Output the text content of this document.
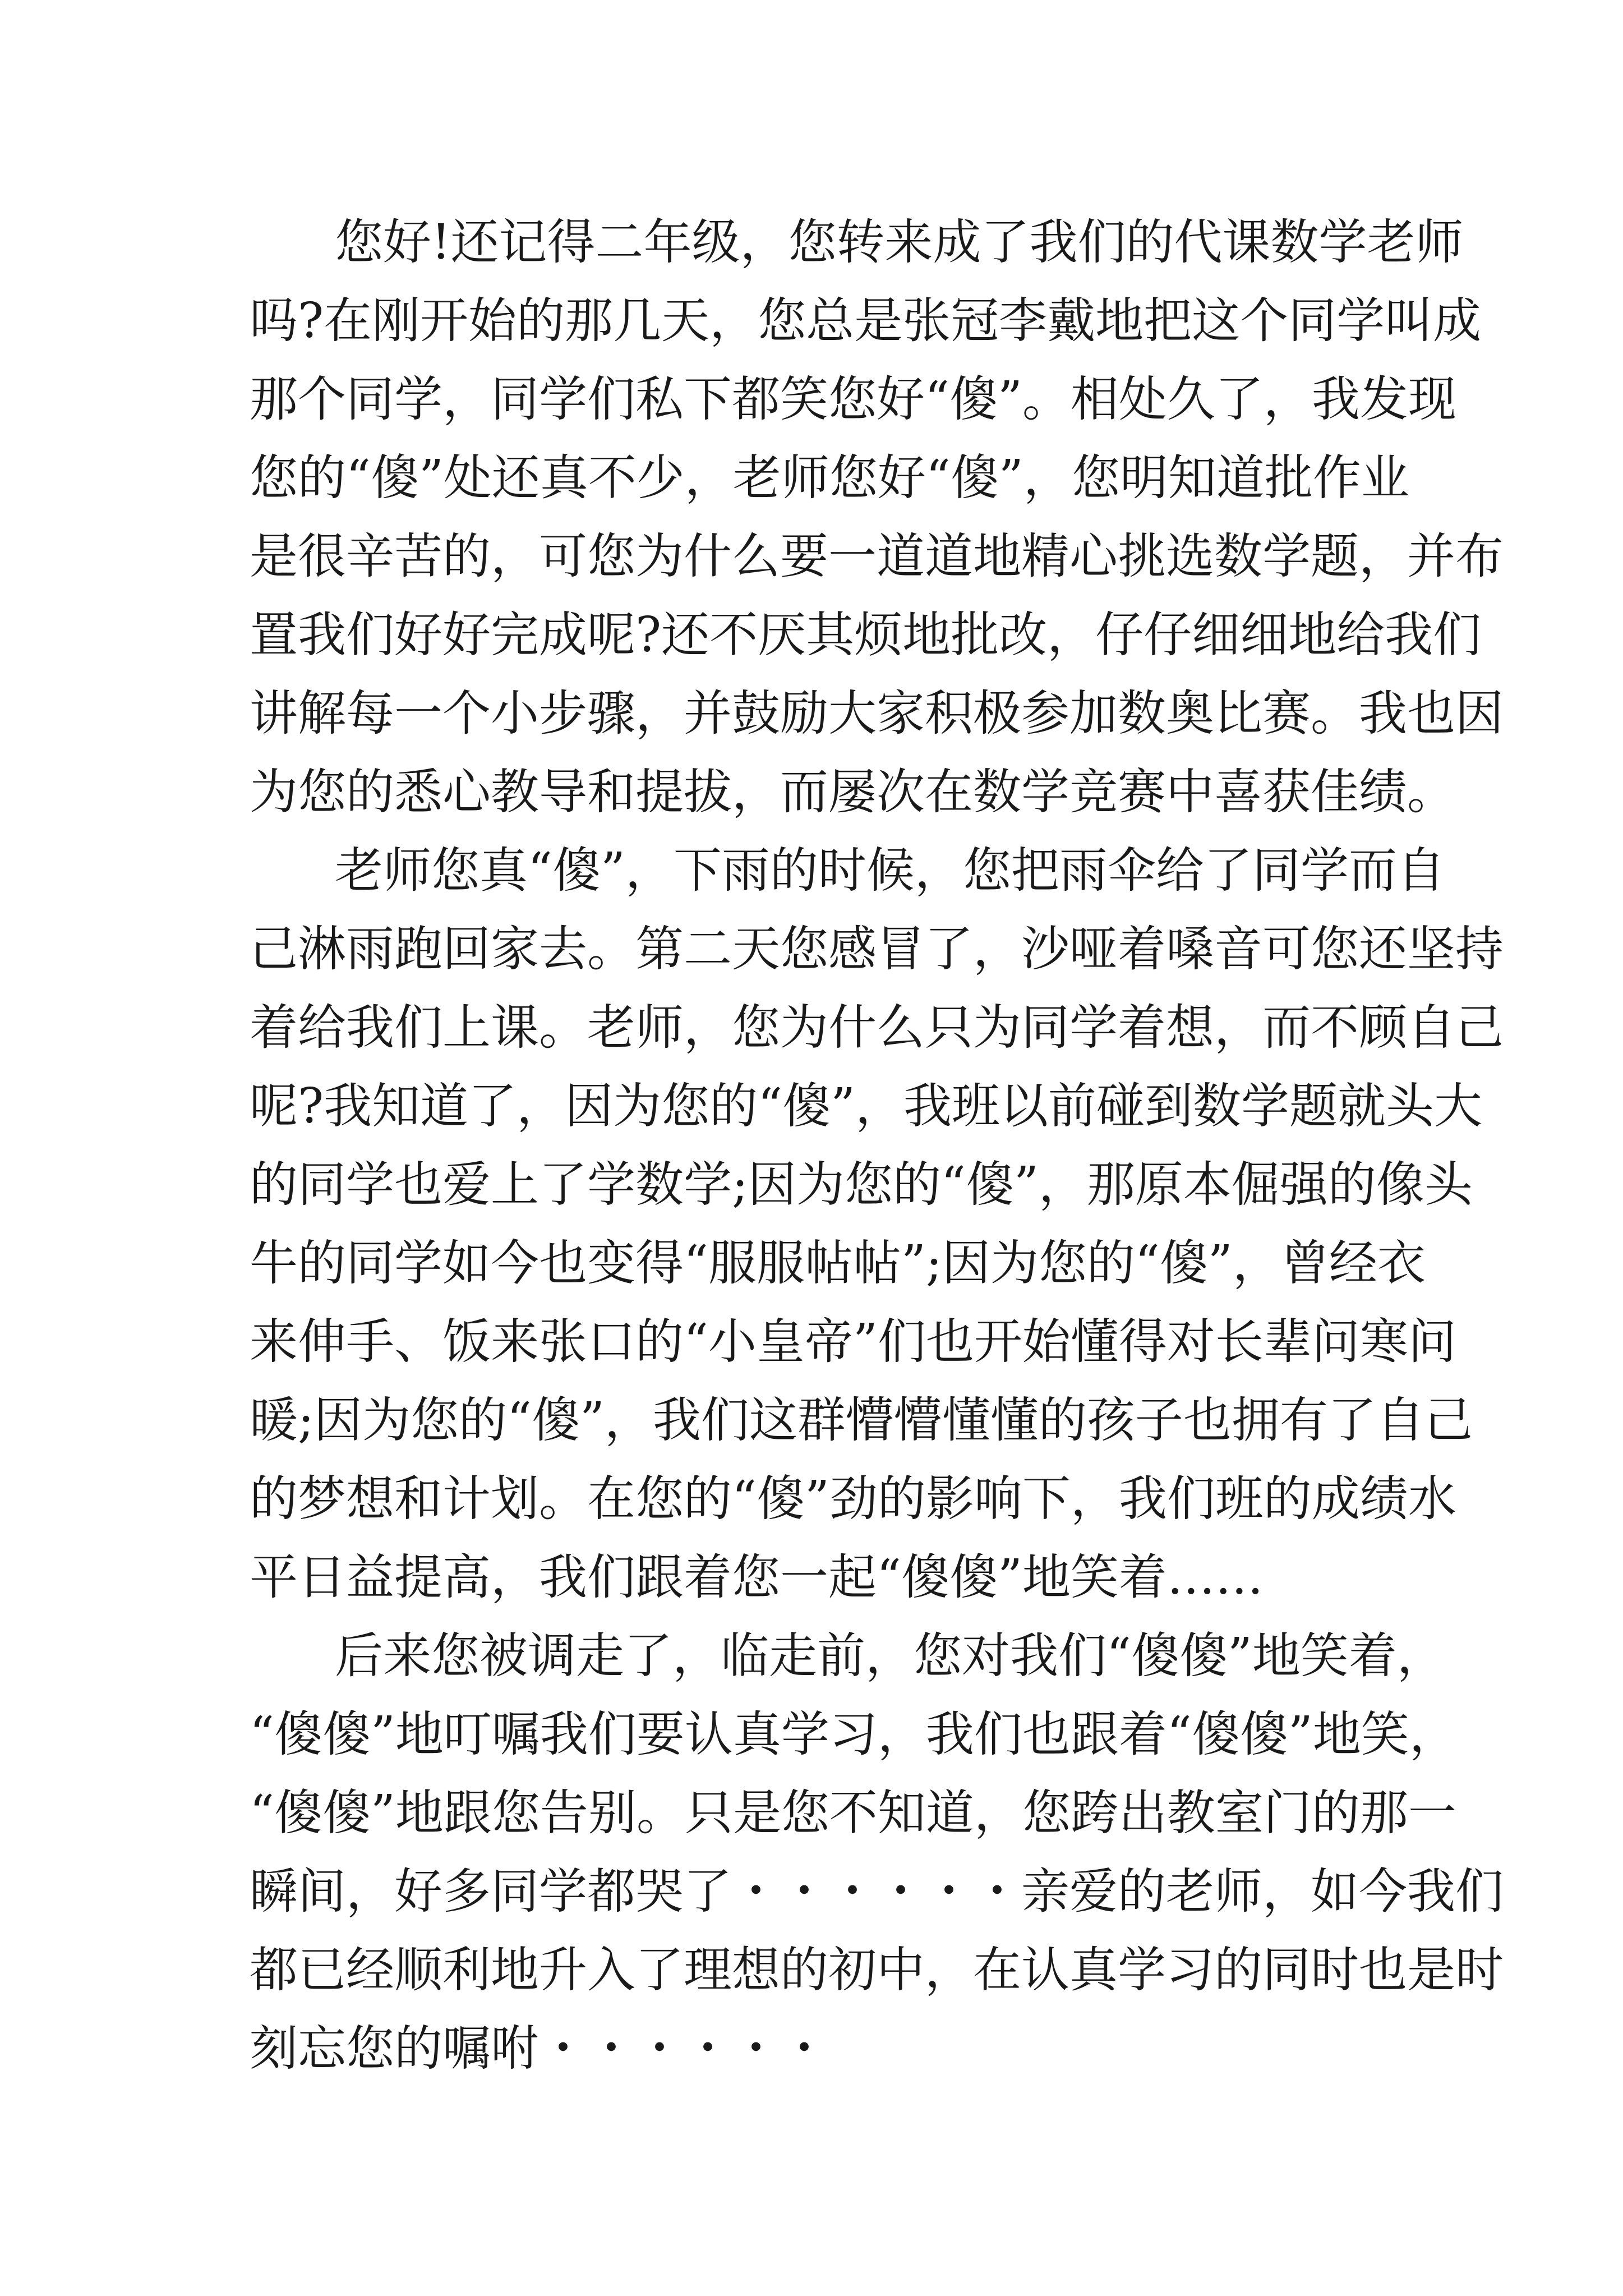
您好!还记得二年级，您转来成了我们的代课数学老师
吗?在刚开始的那几天，您总是张冠李戴地把这个同学叫成
那个同学，同学们私下都笑您好“傻”。相处久了，我发现
您的“傻”处还真不少，老师您好“傻”，您明知道批作业
是很辛苦的，可您为什么要一道道地精心挑选数学题，并布
置我们好好完成呢?还不厌其烦地批改，仔仔细细地给我们
讲解每一个小步骤，并鼓励大家积极参加数奥比赛。我也因
为您的悉心教导和提拔，而屡次在数学竞赛中喜获佳绩。
老师您真“傻”，下雨的时候，您把雨伞给了同学而自
己淋雨跑回家去。第二天您感冒了，沙哑着嗓音可您还坚持
着给我们上课。老师，您为什么只为同学着想，而不顾自己
呢?我知道了，因为您的“傻”，我班以前碰到数学题就头大
的同学也爱上了学数学;因为您的“傻”，那原本倔强的像头
牛的同学如今也变得“服服帖帖”;因为您的“傻”，曾经衣
来伸手、饭来张口的“小皇帝”们也开始懂得对长辈问寒问
暖;因为您的“傻”，我们这群懵懵懂懂的孩子也拥有了自己
的梦想和计划。在您的“傻”劲的影响下，我们班的成绩水
平日益提高，我们跟着您一起“傻傻”地笑着……
后来您被调走了，临走前，您对我们“傻傻”地笑着，
“傻傻”地叮嘱我们要认真学习，我们也跟着“傻傻”地笑，
“傻傻”地跟您告别。只是您不知道，您跨出教室门的那一
瞬间，好多同学都哭了・・・・・・亲爱的老师，如今我们
都已经顺利地升入了理想的初中，在认真学习的同时也是时
刻忘您的嘱咐・・・・・・
